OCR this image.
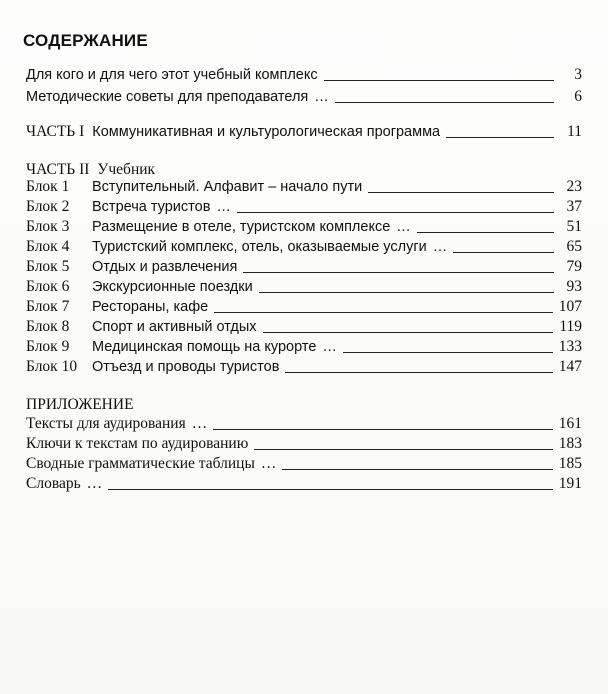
СОДЕРЖАНИЕ
Для кого и для чего этот учебный комплекс	3
Методические советы для преподавателя …	6
ЧАСТЬ I Коммуникативная и культурологическая программа	11
ЧАСТЬ II Учебник
Блок 1	Вступительный. Алфавит – начало пути	23
Блок 2	Встреча туристов …	37
Блок 3	Размещение в отеле, туристском комплексе …	51
Блок 4	Туристский комплекс, отель, оказываемые услуги …	65
Блок 5	Отдых и развлечения	79
Блок 6	Экскурсионные поездки	93
Блок 7	Рестораны, кафе	107
Блок 8	Спорт и активный отдых	119
Блок 9	Медицинская помощь на курорте …	133
Блок 10	Отъезд и проводы туристов	147
ПРИЛОЖЕНИЕ
Тексты для аудирования …	161
Ключи к текстам по аудированию	183
Сводные грамматические таблицы …	185
Словарь …	191
